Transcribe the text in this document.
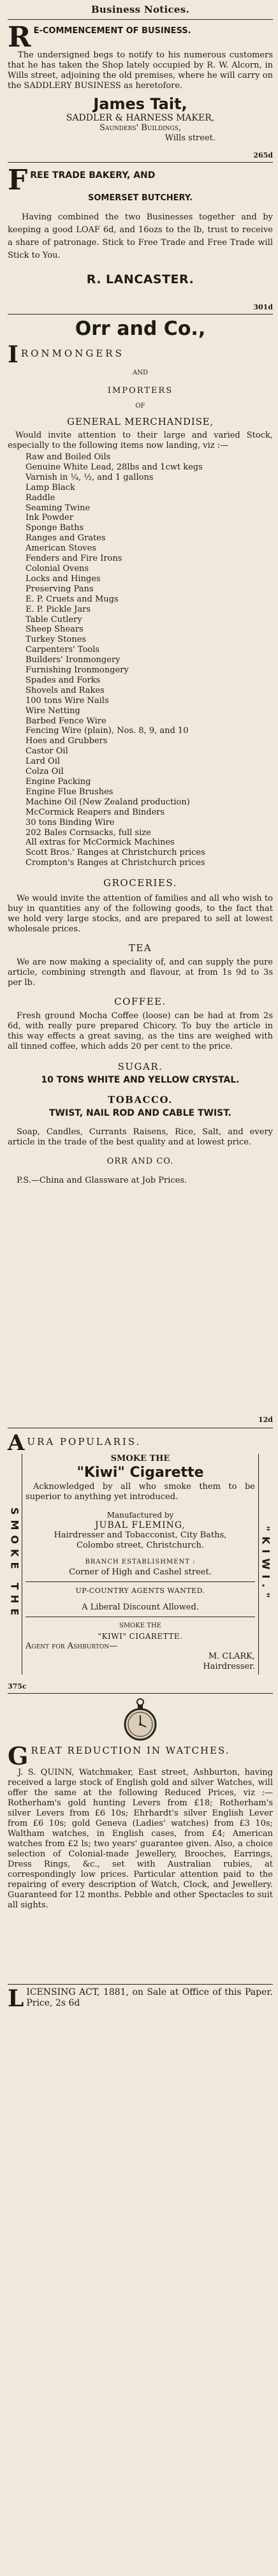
Business Notices.
R E-COMMENCEMENT OF BUSINESS.

The undersigned begs to notify to his numerous customers that he has taken the Shop lately occupied by R. W. Alcorn, in Wills street, adjoining the old premises, where he will carry on the SADDLERY BUSINESS as heretofore.

James Tait,

SADDLER & HARNESS MAKER,

Saunders' Buildings,

Wills street.

265d
F REE TRADE BAKERY, AND

SOMERSET BUTCHERY.

Having combined the two Businesses together and by keeping a good LOAF 6d, and 16ozs to the lb, trust to receive a share of patronage. Stick to Free Trade and Free Trade will Stick to You.

R. LANCASTER.

301d

Orr and Co.,

I RONMONGERS

AND

IMPORTERS

OF

GENERAL MERCHANDISE,

Would invite attention to their large and varied Stock, especially to the following items now landing, viz :—

Raw and Boiled Oils

Genuine White Lead, 28lbs and 1cwt kegs

Varnish in ¼, ½, and 1 gallons

Lamp Black

Raddle

Seaming Twine

Ink Powder

Sponge Baths

Ranges and Grates

American Stoves

Fenders and Fire Irons

Colonial Ovens

Locks and Hinges

Preserving Pans

E. P. Cruets and Mugs

E. P. Pickle Jars

Table Cutlery

Sheep Shears

Turkey Stones

Carpenters' Tools

Builders' Ironmongery

Furnishing Ironmongery

Spades and Forks

Shovels and Rakes

100 tons Wire Nails

Wire Netting

Barbed Fence Wire

Fencing Wire (plain), Nos. 8, 9, and 10

Hoes and Grubbers

Castor Oil

Lard Oil

Colza Oil

Engine Packing

Engine Flue Brushes

Machine Oil (New Zealand production)

McCormick Reapers and Binders

30 tons Binding Wire

202 Bales Cornsacks, full size

All extras for McCormick Machines

Scott Bros.' Ranges at Christchurch prices

Crompton's Ranges at Christchurch prices

GROCERIES.

We would invite the attention of families and all who wish to buy in quantities any of the following goods, to the fact that we hold very large stocks, and are prepared to sell at lowest wholesale prices.

TEA

We are now making a speciality of, and can supply the pure article, combining strength and flavour, at from 1s 9d to 3s per lb.

COFFEE.

Fresh ground Mocha Coffee (loose) can be had at from 2s 6d, with really pure prepared Chicory. To buy the article in this way effects a great saving, as the tins are weighed with all tinned coffee, which adds 20 per cent to the price.

SUGAR.

10 TONS WHITE AND YELLOW CRYSTAL.

TOBACCO.

TWIST, NAIL ROD AND CABLE TWIST.

Soap, Candles, Currants Raisens, Rice, Salt, and every article in the trade of the best quality and at lowest price.

ORR AND CO.

P.S.—China and Glassware at Job Prices.

12d
A URA POPULARIS.

SMOKE THE	"KIWI."

SMOKE THE

"Kiwi" Cigarette

Acknowledged by all who smoke them to be superior to anything yet introduced.

Manufactured by

JUBAL FLEMING,

Hairdresser and Tobacconist, City Baths,

Colombo street, Christchurch.

BRANCH ESTABLISHMENT :

Corner of High and Cashel street.

UP-COUNTRY AGENTS WANTED.

A Liberal Discount Allowed.

SMOKE THE

"KIWI" CIGARETTE.

Agent for Ashburton—

M. CLARK,

Hairdresser.

375c
G REAT REDUCTION IN WATCHES.

J. S. QUINN, Watchmaker, East street, Ashburton, having received a large stock of English gold and silver Watches, will offer the same at the following Reduced Prices, viz :—Rotherham's gold hunting Levers from £18; Rotherham's silver Levers from £6 10s; Ehrhardt's silver English Lever from £6 10s; gold Geneva (Ladies' watches) from £3 10s; Waltham watches, in English cases, from £4; American watches from £2 ls; two years' guarantee given. Also, a choice selection of Colonial-made Jewellery, Brooches, Earrings, Dress Rings, &c., set with Australian rubies, at correspondingly low prices. Particular attention paid to the repairing of every description of Watch, Clock, and Jewellery. Guaranteed for 12 months. Pebble and other Spectacles to suit all sights.

L ICENSING ACT, 1881, on Sale at Office of this Paper. Price, 2s 6d
